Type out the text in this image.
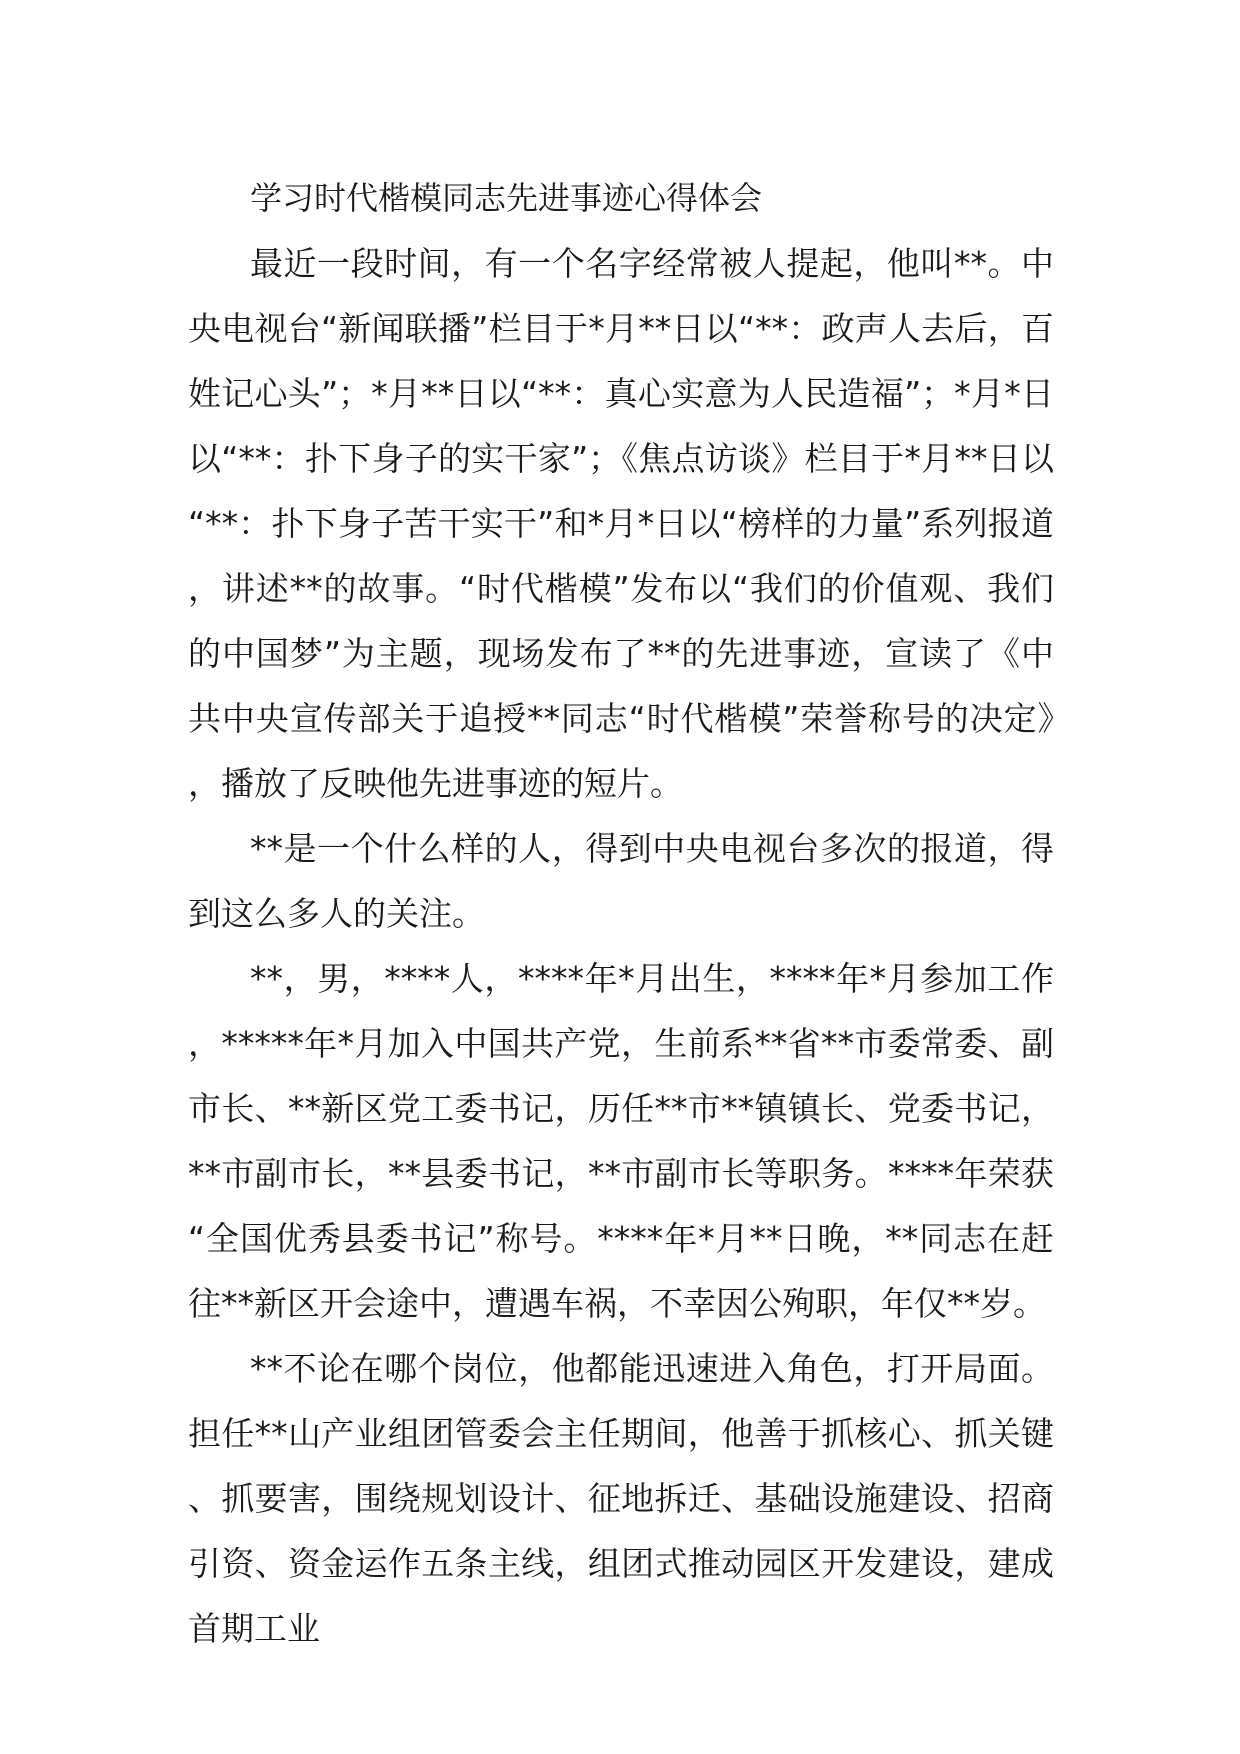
学习时代楷模同志先进事迹心得体会

最近一段时间，有一个名字经常被人提起，他叫**。中央电视台“新闻联播”栏目于*月**日以“**：政声人去后，百姓记心头”；*月**日以“**：真心实意为人民造福”；*月*日以“**：扑下身子的实干家”；《焦点访谈》栏目于*月**日以“**：扑下身子苦干实干”和*月*日以“榜样的力量”系列报道，讲述**的故事。“时代楷模”发布以“我们的价值观、我们的中国梦”为主题，现场发布了**的先进事迹，宣读了《中共中央宣传部关于追授**同志“时代楷模”荣誉称号的决定》，播放了反映他先进事迹的短片。

**是一个什么样的人，得到中央电视台多次的报道，得到这么多人的关注。

**，男，****人，****年*月出生，****年*月参加工作，*****年*月加入中国共产党，生前系**省**市委常委、副市长、**新区党工委书记，历任**市**镇镇长、党委书记，**市副市长，**县委书记，**市副市长等职务。****年荣获“全国优秀县委书记”称号。****年*月**日晚，**同志在赶往**新区开会途中，遭遇车祸，不幸因公殉职，年仅**岁。

**不论在哪个岗位，他都能迅速进入角色，打开局面。担任**山产业组团管委会主任期间，他善于抓核心、抓关键、抓要害，围绕规划设计、征地拆迁、基础设施建设、招商引资、资金运作五条主线，组团式推动园区开发建设，建成首期工业
